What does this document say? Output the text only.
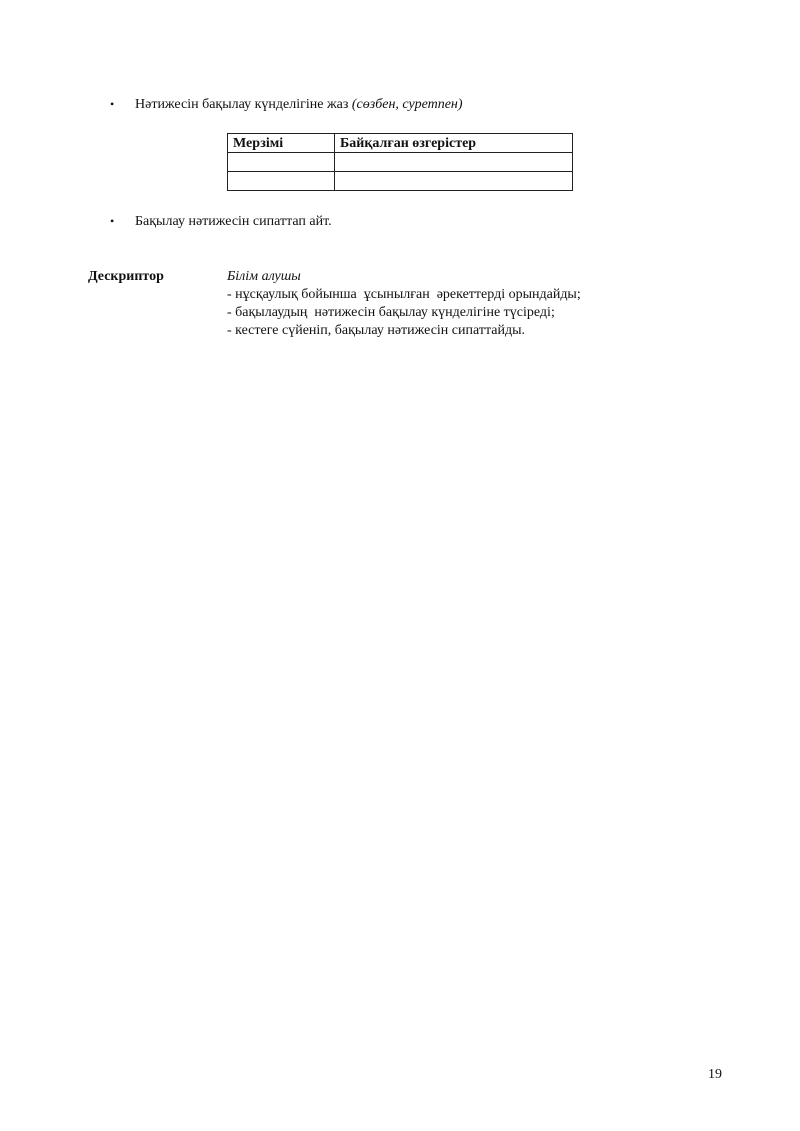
• Нәтижесін бақылау күнделігіне жаз (сөзбен, суретпен)
Мерзімі	Байқалған өзгерістер

• Бақылау нәтижесін сипаттап айт.
Дескриптор	Білім алушы
- нұсқаулық бойынша  ұсынылған  әрекеттерді орындайды;
- бақылаудың  нәтижесін бақылау күнделігіне түсіреді;
- кестеге сүйеніп, бақылау нәтижесін сипаттайды.
19
